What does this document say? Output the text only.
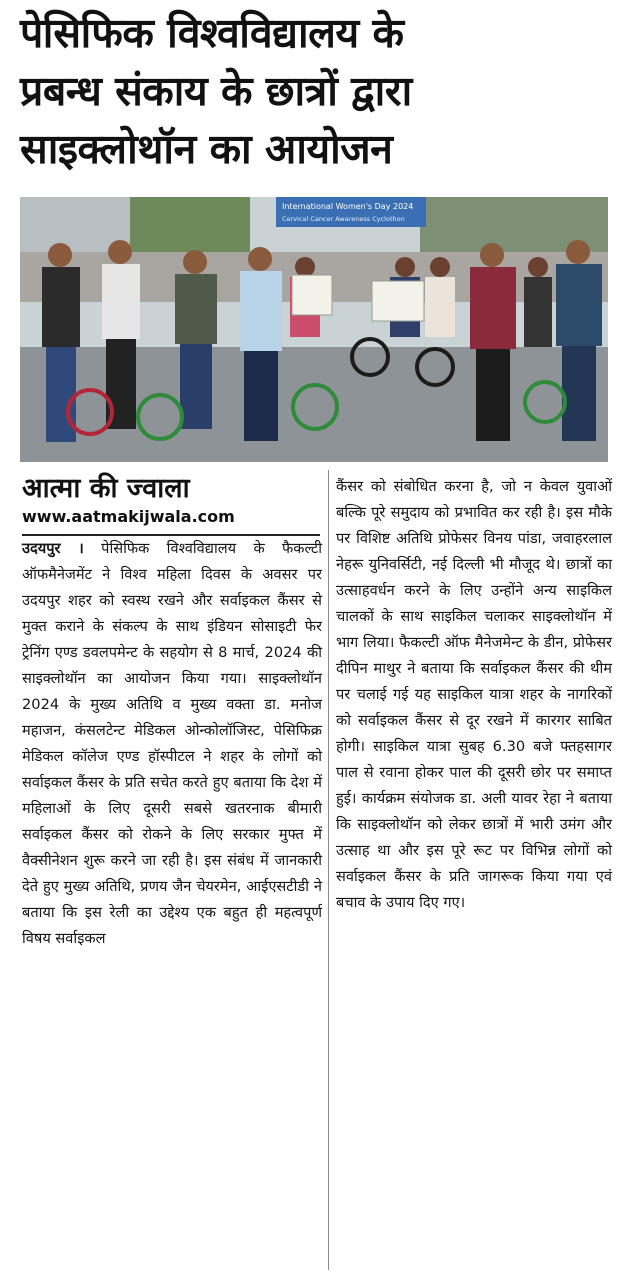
पेसिफिक विश्वविद्यालय के
प्रबन्ध संकाय के छात्रों द्वारा
साइक्लोथॉन का आयोजन
International Women's Day 2024
Cervical Cancer Awareness Cyclothon
आत्मा की ज्वाला
www.aatmakijwala.com
उदयपुर । पेसिफिक विश्वविद्यालय के फैकल्टी ऑफमैनेजमेंट ने विश्व महिला दिवस के अवसर पर उदयपुर शहर को स्वस्थ रखने और सर्वाइकल कैंसर से मुक्त कराने के संकल्प के साथ इंडियन सोसाइटी फेर ट्रेनिंग एण्ड डवलपमेन्ट के सहयोग से 8 मार्च, 2024 की साइक्लोथॉन का आयोजन किया गया। साइक्लोथॉन 2024 के मुख्य अतिथि व मुख्य वक्ता डा. मनोज महाजन, कंसलटेन्ट मेडिकल ओन्कोलॉजिस्ट, पेसिफिक्र मेडिकल कॉलेज एण्ड हॉस्पीटल ने शहर के लोगों को सर्वाइकल कैंसर के प्रति सचेत करते हुए बताया कि देश में महिलाओं के लिए दूसरी सबसे खतरनाक बीमारी सर्वाइकल कैंसर को रोकने के लिए सरकार मुफ्त में वैक्सीनेशन शुरू करने जा रही है। इस संबंध में जानकारी देते हुए मुख्य अतिथि, प्रणय जैन चेयरमेन, आईएसटीडी ने बताया कि इस रेली का उद्देश्य एक बहुत ही महत्वपूर्ण विषय सर्वाइकल
कैंसर को संबोधित करना है, जो न केवल युवाओं बल्कि पूरे समुदाय को प्रभावित कर रही है। इस मौके पर विशिष्ट अतिथि प्रोफेसर विनय पांडा, जवाहरलाल नेहरू युनिवर्सिटी, नई दिल्ली भी मौजूद थे। छात्रों का उत्साहवर्धन करने के लिए उन्होंने अन्य साइकिल चालकों के साथ साइकिल चलाकर साइक्लोथॉन में भाग लिया। फैकल्टी ऑफ मैनेजमेन्ट के डीन, प्रोफेसर दीपिन माथुर ने बताया कि सर्वाइकल कैंसर की थीम पर चलाई गई यह साइकिल यात्रा शहर के नागरिकों को सर्वाइकल कैंसर से दूर रखने में कारगर साबित होगी। साइकिल यात्रा सुबह 6.30 बजे फ्तहसागर पाल से रवाना होकर पाल की दूसरी छोर पर समाप्त हुई। कार्यक्रम संयोजक डा. अली यावर रेहा ने बताया कि साइक्लोथॉन को लेकर छात्रों में भारी उमंग और उत्साह था और इस पूरे रूट पर विभिन्न लोगों को सर्वाइकल कैंसर के प्रति जागरूक किया गया एवं बचाव के उपाय दिए गए।
